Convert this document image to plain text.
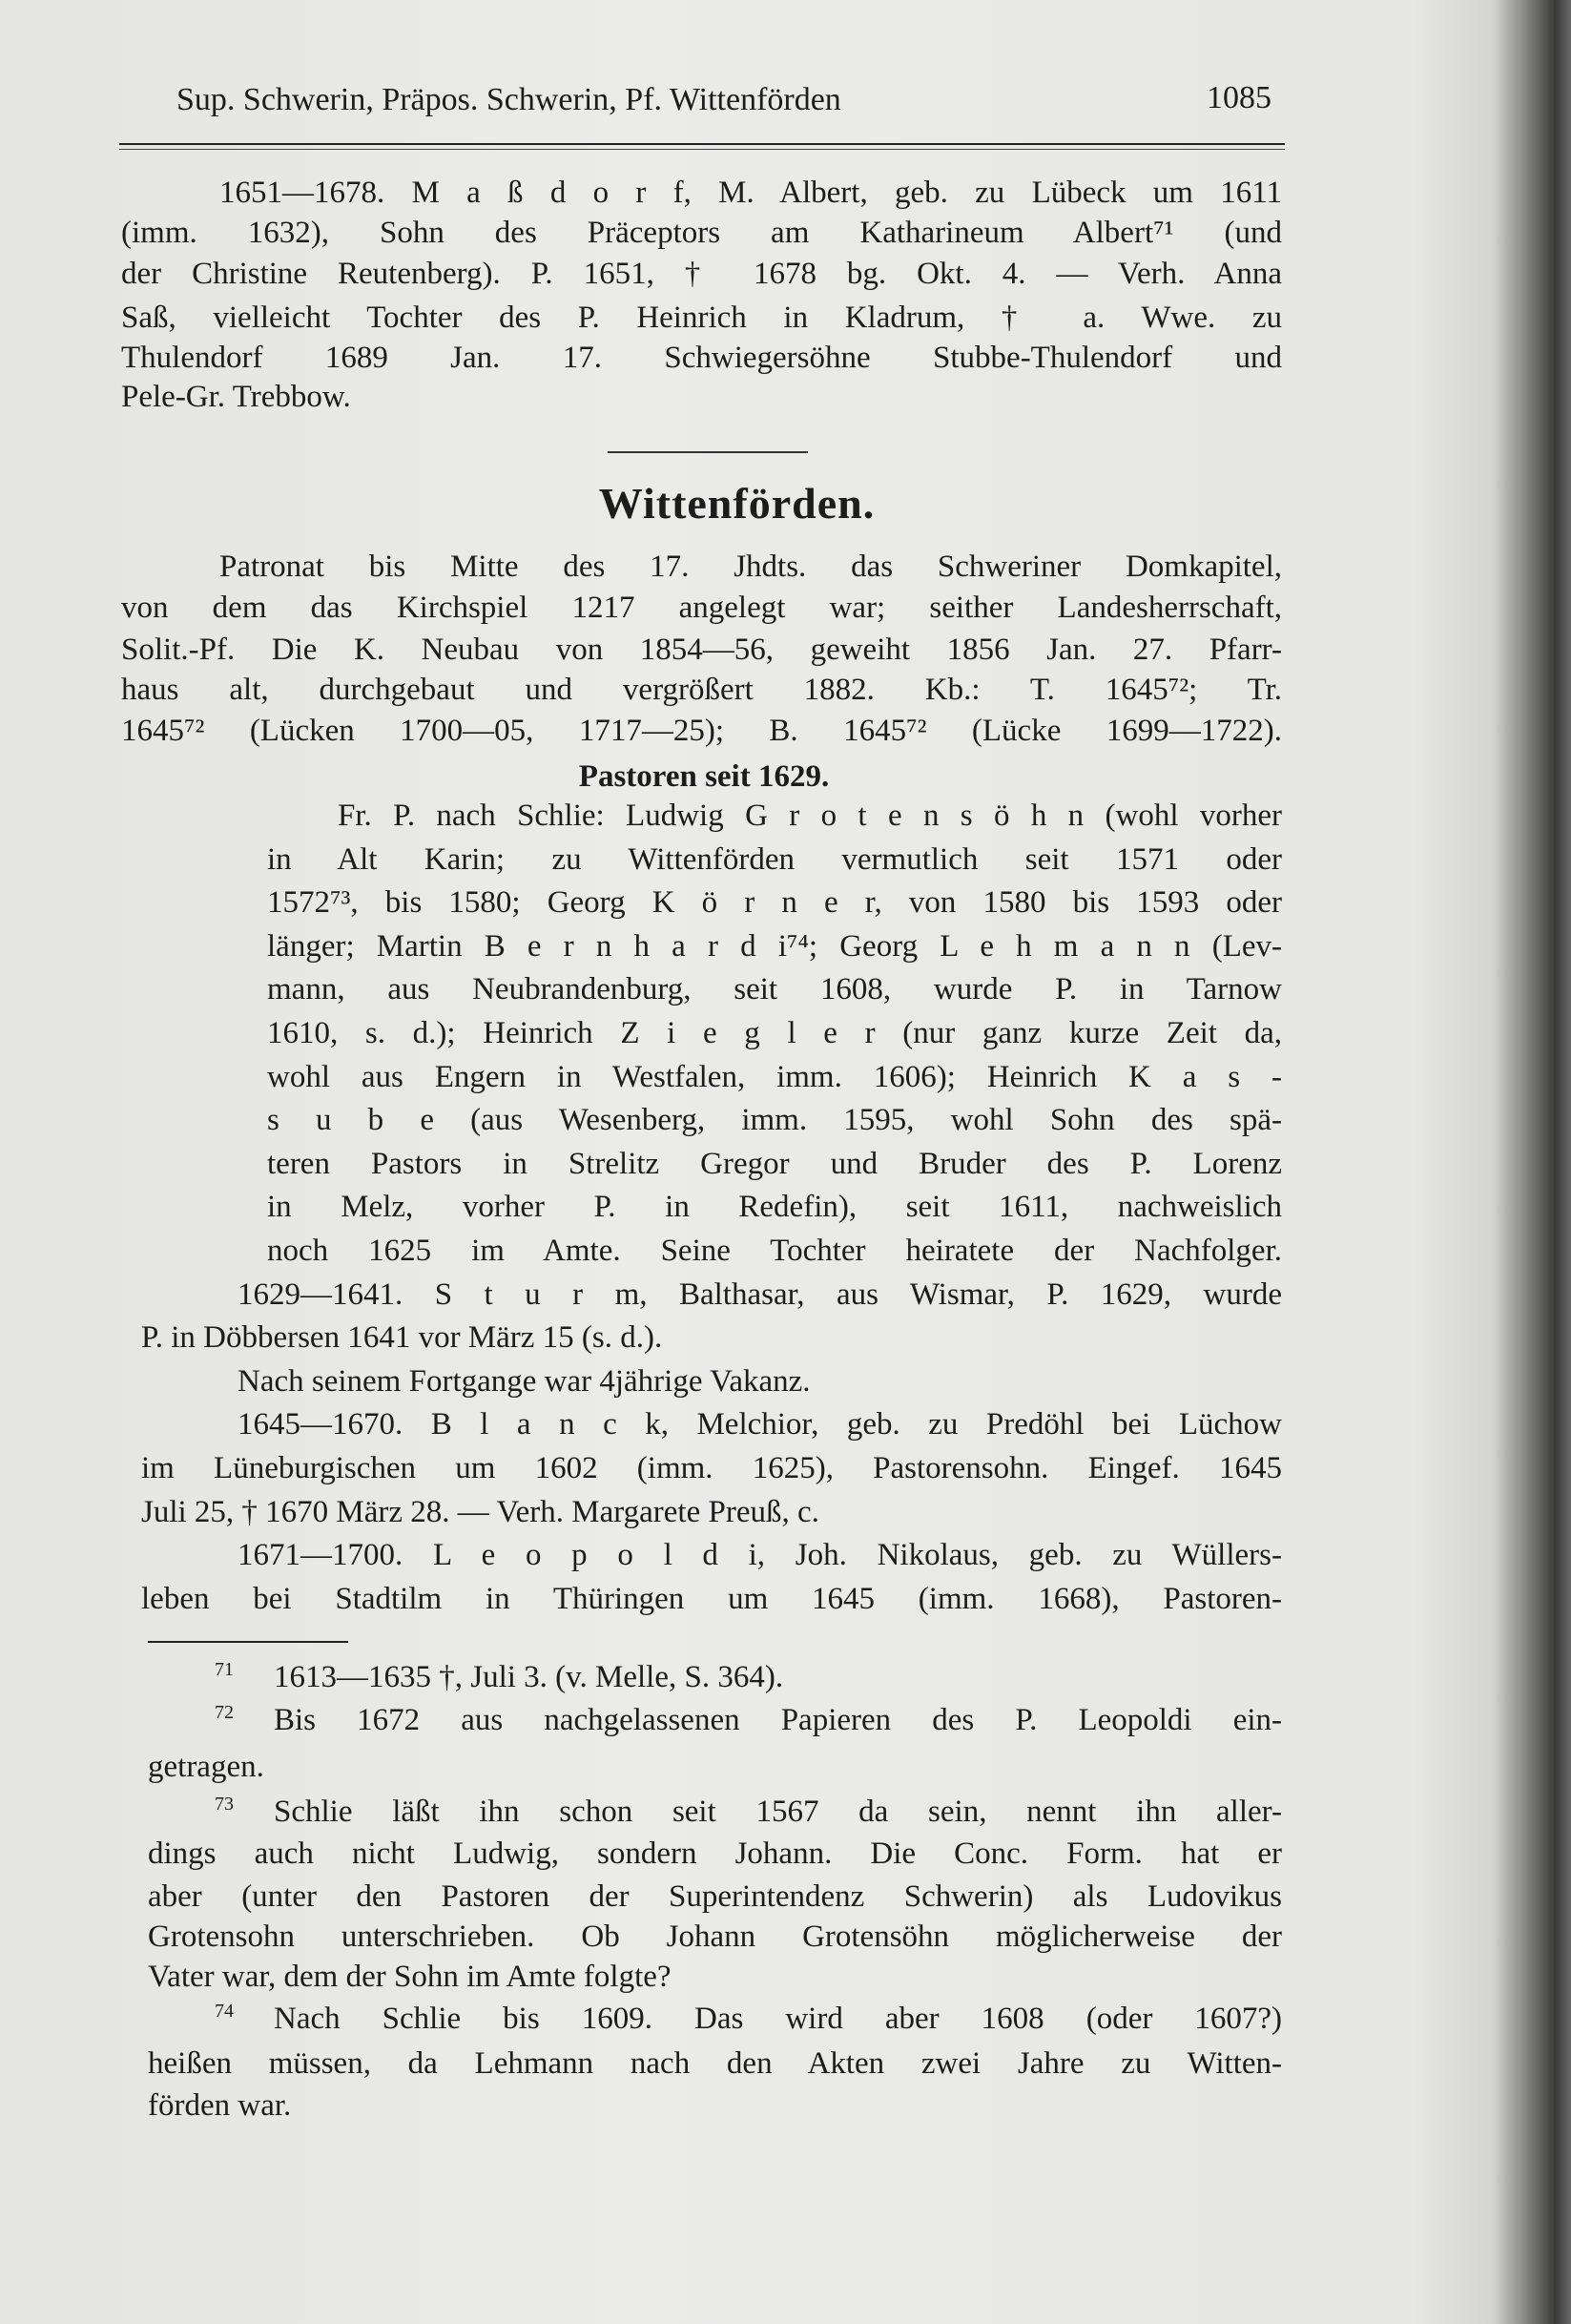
Sup. Schwerin, Präpos. Schwerin, Pf. Wittenförden	1085
Wittenförden.
Pastoren seit 1629.
1651—1678. M a ß d o r f, M. Albert, geb. zu Lübeck um 1611
(imm. 1632), Sohn des Präceptors am Katharineum Albert⁷¹ (und
der Christine Reutenberg). P. 1651, † 1678 bg. Okt. 4. — Verh. Anna
Saß, vielleicht Tochter des P. Heinrich in Kladrum, † a. Wwe. zu
Thulendorf 1689 Jan. 17. Schwiegersöhne Stubbe-Thulendorf und
Pele-Gr. Trebbow.
Patronat bis Mitte des 17. Jhdts. das Schweriner Domkapitel,
von dem das Kirchspiel 1217 angelegt war; seither Landesherrschaft,
Solit.-Pf. Die K. Neubau von 1854—56, geweiht 1856 Jan. 27. Pfarr-
haus alt, durchgebaut und vergrößert 1882. Kb.: T. 1645⁷²; Tr.
1645⁷² (Lücken 1700—05, 1717—25); B. 1645⁷² (Lücke 1699—1722).
Fr. P. nach Schlie: Ludwig G r o t e n s ö h n (wohl vorher
in Alt Karin; zu Wittenförden vermutlich seit 1571 oder
1572⁷³, bis 1580; Georg K ö r n e r, von 1580 bis 1593 oder
länger; Martin B e r n h a r d i⁷⁴; Georg L e h m a n n (Lev-
mann, aus Neubrandenburg, seit 1608, wurde P. in Tarnow
1610, s. d.); Heinrich Z i e g l e r (nur ganz kurze Zeit da,
wohl aus Engern in Westfalen, imm. 1606); Heinrich K a s -
s u b e (aus Wesenberg, imm. 1595, wohl Sohn des spä-
teren Pastors in Strelitz Gregor und Bruder des P. Lorenz
in Melz, vorher P. in Redefin), seit 1611, nachweislich
noch 1625 im Amte. Seine Tochter heiratete der Nachfolger.
1629—1641. S t u r m, Balthasar, aus Wismar, P. 1629, wurde
P. in Döbbersen 1641 vor März 15 (s. d.).
Nach seinem Fortgange war 4jährige Vakanz.
1645—1670. B l a n c k, Melchior, geb. zu Predöhl bei Lüchow
im Lüneburgischen um 1602 (imm. 1625), Pastorensohn. Eingef. 1645
Juli 25, † 1670 März 28. — Verh. Margarete Preuß, c.
1671—1700. L e o p o l d i, Joh. Nikolaus, geb. zu Wüllers-
leben bei Stadtilm in Thüringen um 1645 (imm. 1668), Pastoren-
71 1613—1635 †, Juli 3. (v. Melle, S. 364).
72 Bis 1672 aus nachgelassenen Papieren des P. Leopoldi ein-
getragen.
73 Schlie läßt ihn schon seit 1567 da sein, nennt ihn aller-
dings auch nicht Ludwig, sondern Johann. Die Conc. Form. hat er
aber (unter den Pastoren der Superintendenz Schwerin) als Ludovikus
Grotensohn unterschrieben. Ob Johann Grotensöhn möglicherweise der
Vater war, dem der Sohn im Amte folgte?
74 Nach Schlie bis 1609. Das wird aber 1608 (oder 1607?)
heißen müssen, da Lehmann nach den Akten zwei Jahre zu Witten-
förden war.
